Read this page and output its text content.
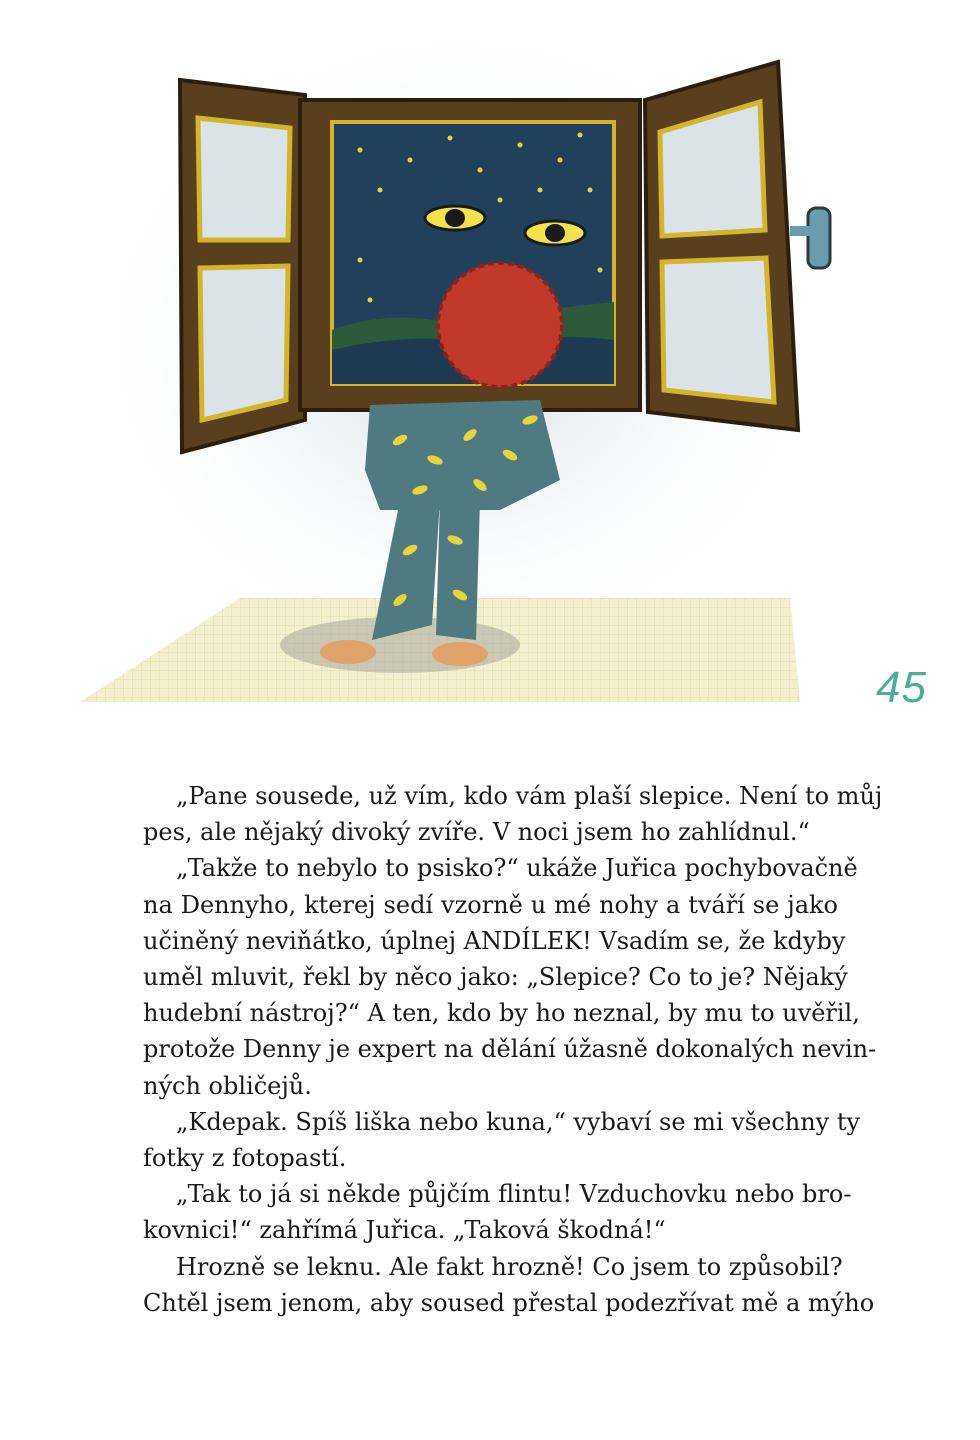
45
„Pane sousede, už vím, kdo vám plaší slepice. Není to můj
pes, ale nějaký divoký zvíře. V noci jsem ho zahlídnul.“
„Takže to nebylo to psisko?“ ukáže Juřica pochybovačně
na Dennyho, kterej sedí vzorně u mé nohy a tváří se jako
učiněný neviňátko, úplnej ANDÍLEK! Vsadím se, že kdyby
uměl mluvit, řekl by něco jako: „Slepice? Co to je? Nějaký
hudební nástroj?“ A ten, kdo by ho neznal, by mu to uvěřil,
protože Denny je expert na dělání úžasně dokonalých nevin-
ných obličejů.
„Kdepak. Spíš liška nebo kuna,“ vybaví se mi všechny ty
fotky z fotopastí.
„Tak to já si někde půjčím flintu! Vzduchovku nebo bro-
kovnici!“ zahřímá Juřica. „Taková škodná!“
Hrozně se leknu. Ale fakt hrozně! Co jsem to způsobil?
Chtěl jsem jenom, aby soused přestal podezřívat mě a mýho
